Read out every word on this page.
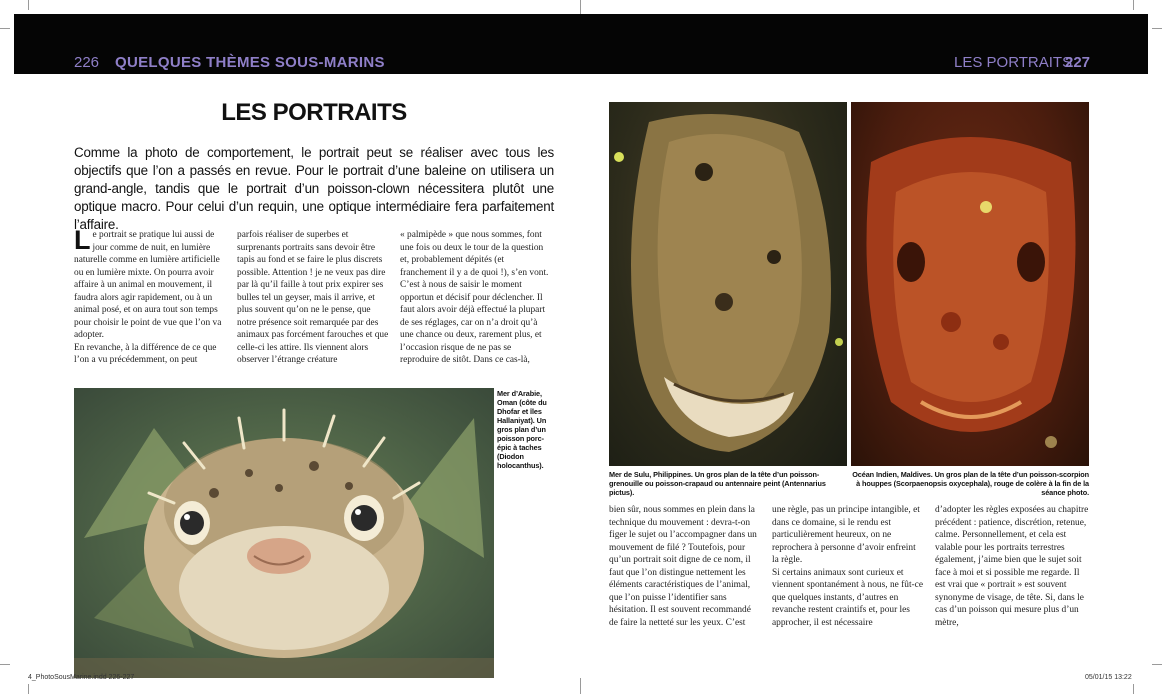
226 QUELQUES THÈMES SOUS-MARINS	LES PORTRAITS
227
LES PORTRAITS

Comme la photo de comportement, le portrait peut se réaliser avec tous les objectifs que l’on a passés en revue. Pour le portrait d’une baleine on utilisera un grand-angle, tandis que le portrait d’un poisson-clown nécessitera plutôt une optique macro. Pour celui d’un requin, une optique intermédiaire fera parfaitement l’affaire.

L e portrait se pratique lui aussi de jour comme de nuit, en lumière naturelle comme en lumière artificielle ou en lumière mixte. On pourra avoir affaire à un animal en mouvement, il faudra alors agir rapidement, ou à un animal posé, et on aura tout son temps pour choisir le point de vue que l’on va adopter.

En revanche, à la différence de ce que l’on a vu précédemment, on peut

parfois réaliser de superbes et surprenants portraits sans devoir être tapis au fond et se faire le plus discrets possible. Attention ! je ne veux pas dire par là qu’il faille à tout prix expirer ses bulles tel un geyser, mais il arrive, et plus souvent qu’on ne le pense, que notre présence soit remarquée par des animaux pas forcément farouches et que celle-ci les attire. Ils viennent alors observer l’étrange créature

« palmipède » que nous sommes, font une fois ou deux le tour de la question et, probablement dépités (et franchement il y a de quoi !), s’en vont. C’est à nous de saisir le moment opportun et décisif pour déclencher. Il faut alors avoir déjà effectué la plupart de ses réglages, car on n’a droit qu’à une chance ou deux, rarement plus, et l’occasion risque de ne pas se reproduire de sitôt. Dans ce cas-là,

Mer d’Arabie, Oman (côte du Dhofar et îles Hallaniyat). Un gros plan d’un poisson porc-épic à taches (Diodon holocanthus).
Mer de Sulu, Philippines. Un gros plan de la tête d’un poisson-grenouille ou poisson-crapaud ou antennaire peint (Antennarius pictus).
Océan Indien, Maldives. Un gros plan de la tête d’un poisson-scorpion à houppes (Scorpaenopsis oxycephala), rouge de colère à la fin de la séance photo.

bien sûr, nous sommes en plein dans la technique du mouvement : devra-t-on figer le sujet ou l’accompagner dans un mouvement de filé ? Toutefois, pour qu’un portrait soit digne de ce nom, il faut que l’on distingue nettement les éléments caractéristiques de l’animal, que l’on puisse l’identifier sans hésitation. Il est souvent recommandé de faire la netteté sur les yeux. C’est

une règle, pas un principe intangible, et dans ce domaine, si le rendu est particulièrement heureux, on ne reprochera à personne d’avoir enfreint la règle.

Si certains animaux sont curieux et viennent spontanément à nous, ne fût-ce que quelques instants, d’autres en revanche restent craintifs et, pour les approcher, il est nécessaire

d’adopter les règles exposées au chapitre précédent : patience, discrétion, retenue, calme. Personnellement, et cela est valable pour les portraits terrestres également, j’aime bien que le sujet soit face à moi et si possible me regarde. Il est vrai que « portrait » est souvent synonyme de visage, de tête. Si, dans le cas d’un poisson qui mesure plus d’un mètre,

4_PhotoSousMarine.indd 226-227	05/01/15 13:22
